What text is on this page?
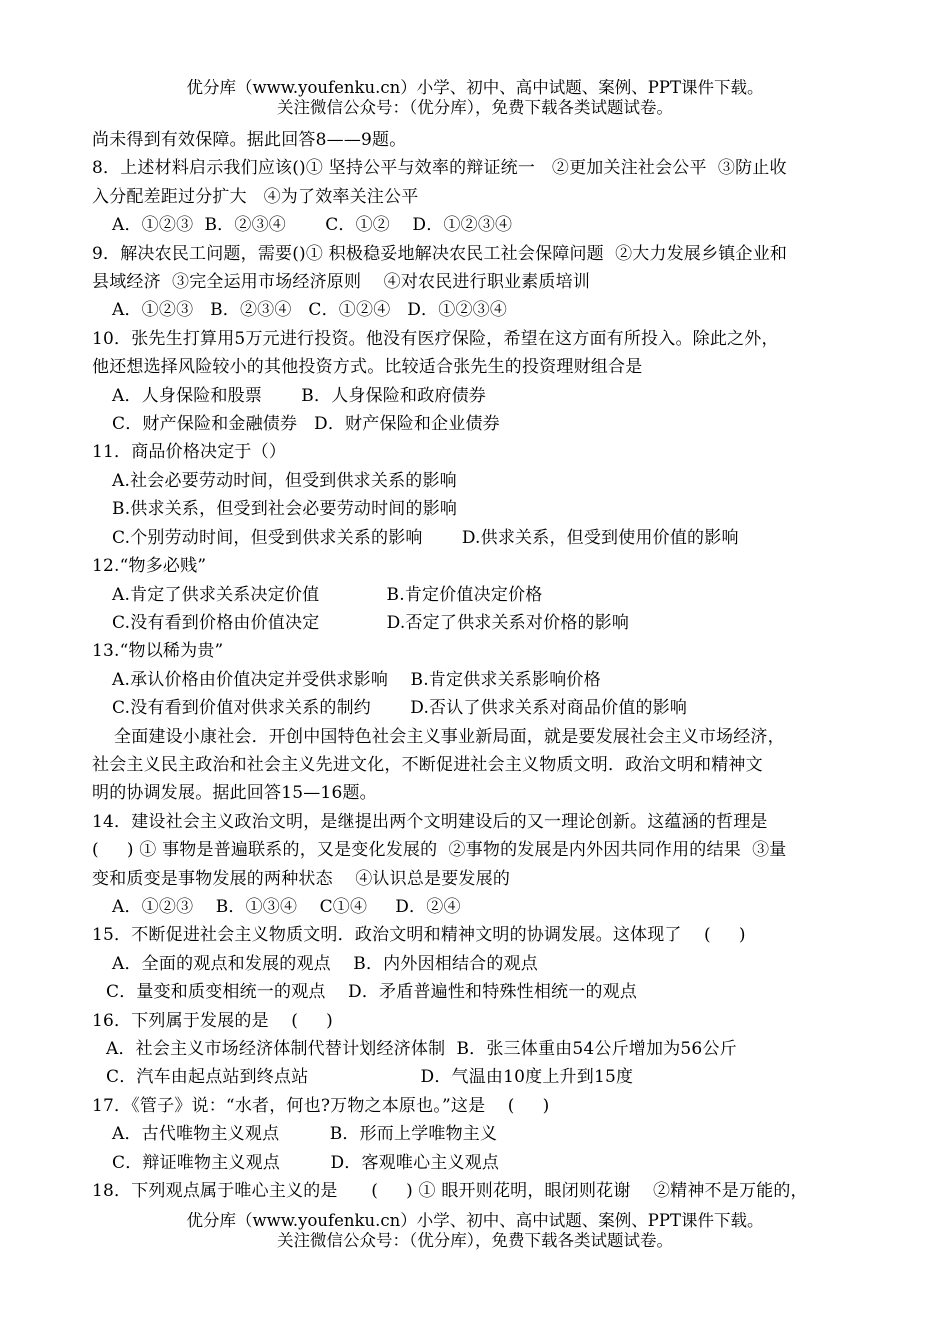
优分库（www.youfenku.cn）小学、初中、高中试题、案例、PPT课件下载。
关注微信公众号：（优分库），免费下载各类试题试卷。
尚未得到有效保障。据此回答8——9题。
8．上述材料启示我们应该()① 坚持公平与效率的辩证统一   ②更加关注社会公平  ③防止收
入分配差距过分扩大   ④为了效率关注公平
A．①②③  B．②③④       C．①②    D．①②③④
9．解决农民工问题，需要()① 积极稳妥地解决农民工社会保障问题  ②大力发展乡镇企业和
县域经济  ③完全运用市场经济原则    ④对农民进行职业素质培训
A．①②③   B．②③④   C．①②④   D．①②③④
10．张先生打算用5万元进行投资。他没有医疗保险，希望在这方面有所投入。除此之外，
他还想选择风险较小的其他投资方式。比较适合张先生的投资理财组合是
A．人身保险和股票       B．人身保险和政府债券
C．财产保险和金融债券   D．财产保险和企业债券
11．商品价格决定于（）
A.社会必要劳动时间，但受到供求关系的影响
B.供求关系，但受到社会必要劳动时间的影响
C.个别劳动时间，但受到供求关系的影响       D.供求关系，但受到使用价值的影响
12.“物多必贱”
A.肯定了供求关系决定价值            B.肯定价值决定价格
C.没有看到价格由价值决定            D.否定了供求关系对价格的影响
13.“物以稀为贵”
A.承认价格由价值决定并受供求影响    B.肯定供求关系影响价格
C.没有看到价值对供求关系的制约       D.否认了供求关系对商品价值的影响
全面建设小康社会．开创中国特色社会主义事业新局面，就是要发展社会主义市场经济，
社会主义民主政治和社会主义先进文化，不断促进社会主义物质文明．政治文明和精神文
明的协调发展。据此回答15—16题。
14．建设社会主义政治文明，是继提出两个文明建设后的又一理论创新。这蕴涵的哲理是
(     ) ① 事物是普遍联系的，又是变化发展的  ②事物的发展是内外因共同作用的结果  ③量
变和质变是事物发展的两种状态    ④认识总是要发展的
A．①②③    B．①③④    C①④     D．②④
15．不断促进社会主义物质文明．政治文明和精神文明的协调发展。这体现了    (     )
A．全面的观点和发展的观点    B．内外因相结合的观点
C．量变和质变相统一的观点    D．矛盾普遍性和特殊性相统一的观点
16．下列属于发展的是    (     )
A．社会主义市场经济体制代替计划经济体制  B．张三体重由54公斤增加为56公斤
C．汽车由起点站到终点站                    D．气温由10度上升到15度
17．《管子》说：“水者，何也?万物之本原也。”这是    (     )
A．古代唯物主义观点         B．形而上学唯物主义
C．辩证唯物主义观点         D．客观唯心主义观点
18．下列观点属于唯心主义的是      (     ) ① 眼开则花明，眼闭则花谢    ②精神不是万能的，
优分库（www.youfenku.cn）小学、初中、高中试题、案例、PPT课件下载。
关注微信公众号：（优分库），免费下载各类试题试卷。
